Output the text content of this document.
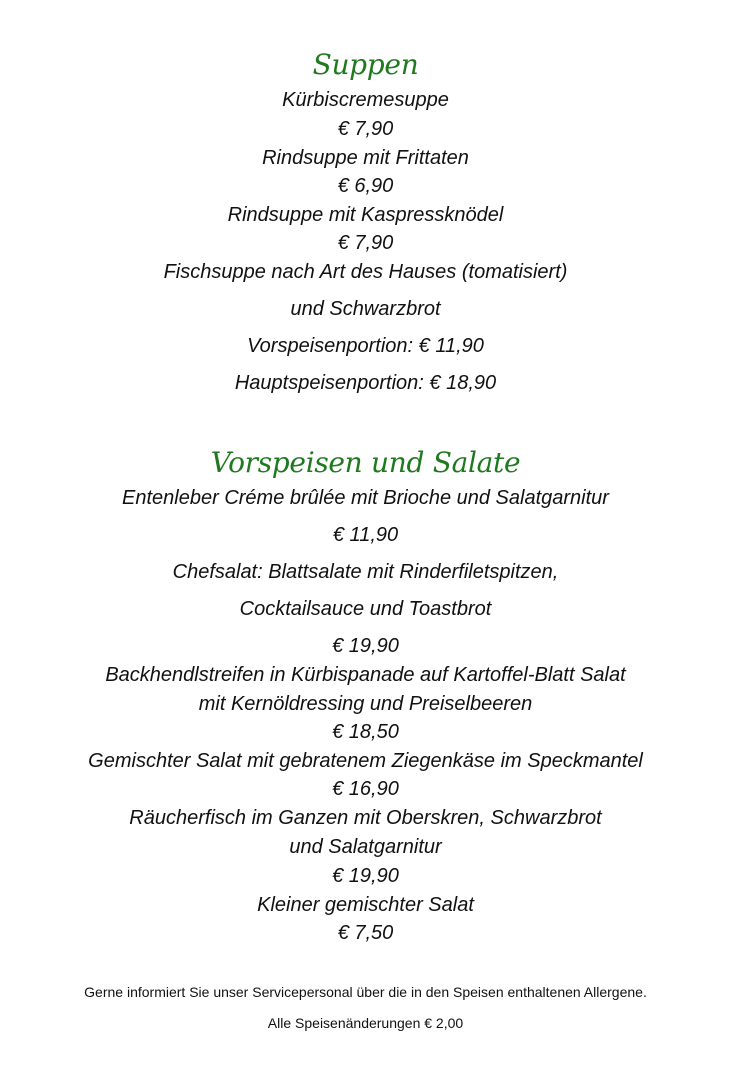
Suppen
Kürbiscremesuppe
€ 7,90
Rindsuppe mit Frittaten
€ 6,90
Rindsuppe mit Kaspressknödel
€ 7,90
Fischsuppe nach Art des Hauses (tomatisiert)
und Schwarzbrot
Vorspeisenportion: € 11,90
Hauptspeisenportion: € 18,90
Vorspeisen und Salate
Entenleber Créme brûlée mit Brioche und Salatgarnitur
€ 11,90
Chefsalat: Blattsalate mit Rinderfiletspitzen,
Cocktailsauce und Toastbrot
€ 19,90
Backhendlstreifen in Kürbispanade auf Kartoffel-Blatt Salat
mit Kernöldressing und Preiselbeeren
€ 18,50
Gemischter Salat mit gebratenem Ziegenkäse im Speckmantel
€ 16,90
Räucherfisch im Ganzen mit Oberskren, Schwarzbrot
und Salatgarnitur
€ 19,90
Kleiner gemischter Salat
€ 7,50
Gerne informiert Sie unser Servicepersonal über die in den Speisen enthaltenen Allergene.
Alle Speisenänderungen € 2,00
